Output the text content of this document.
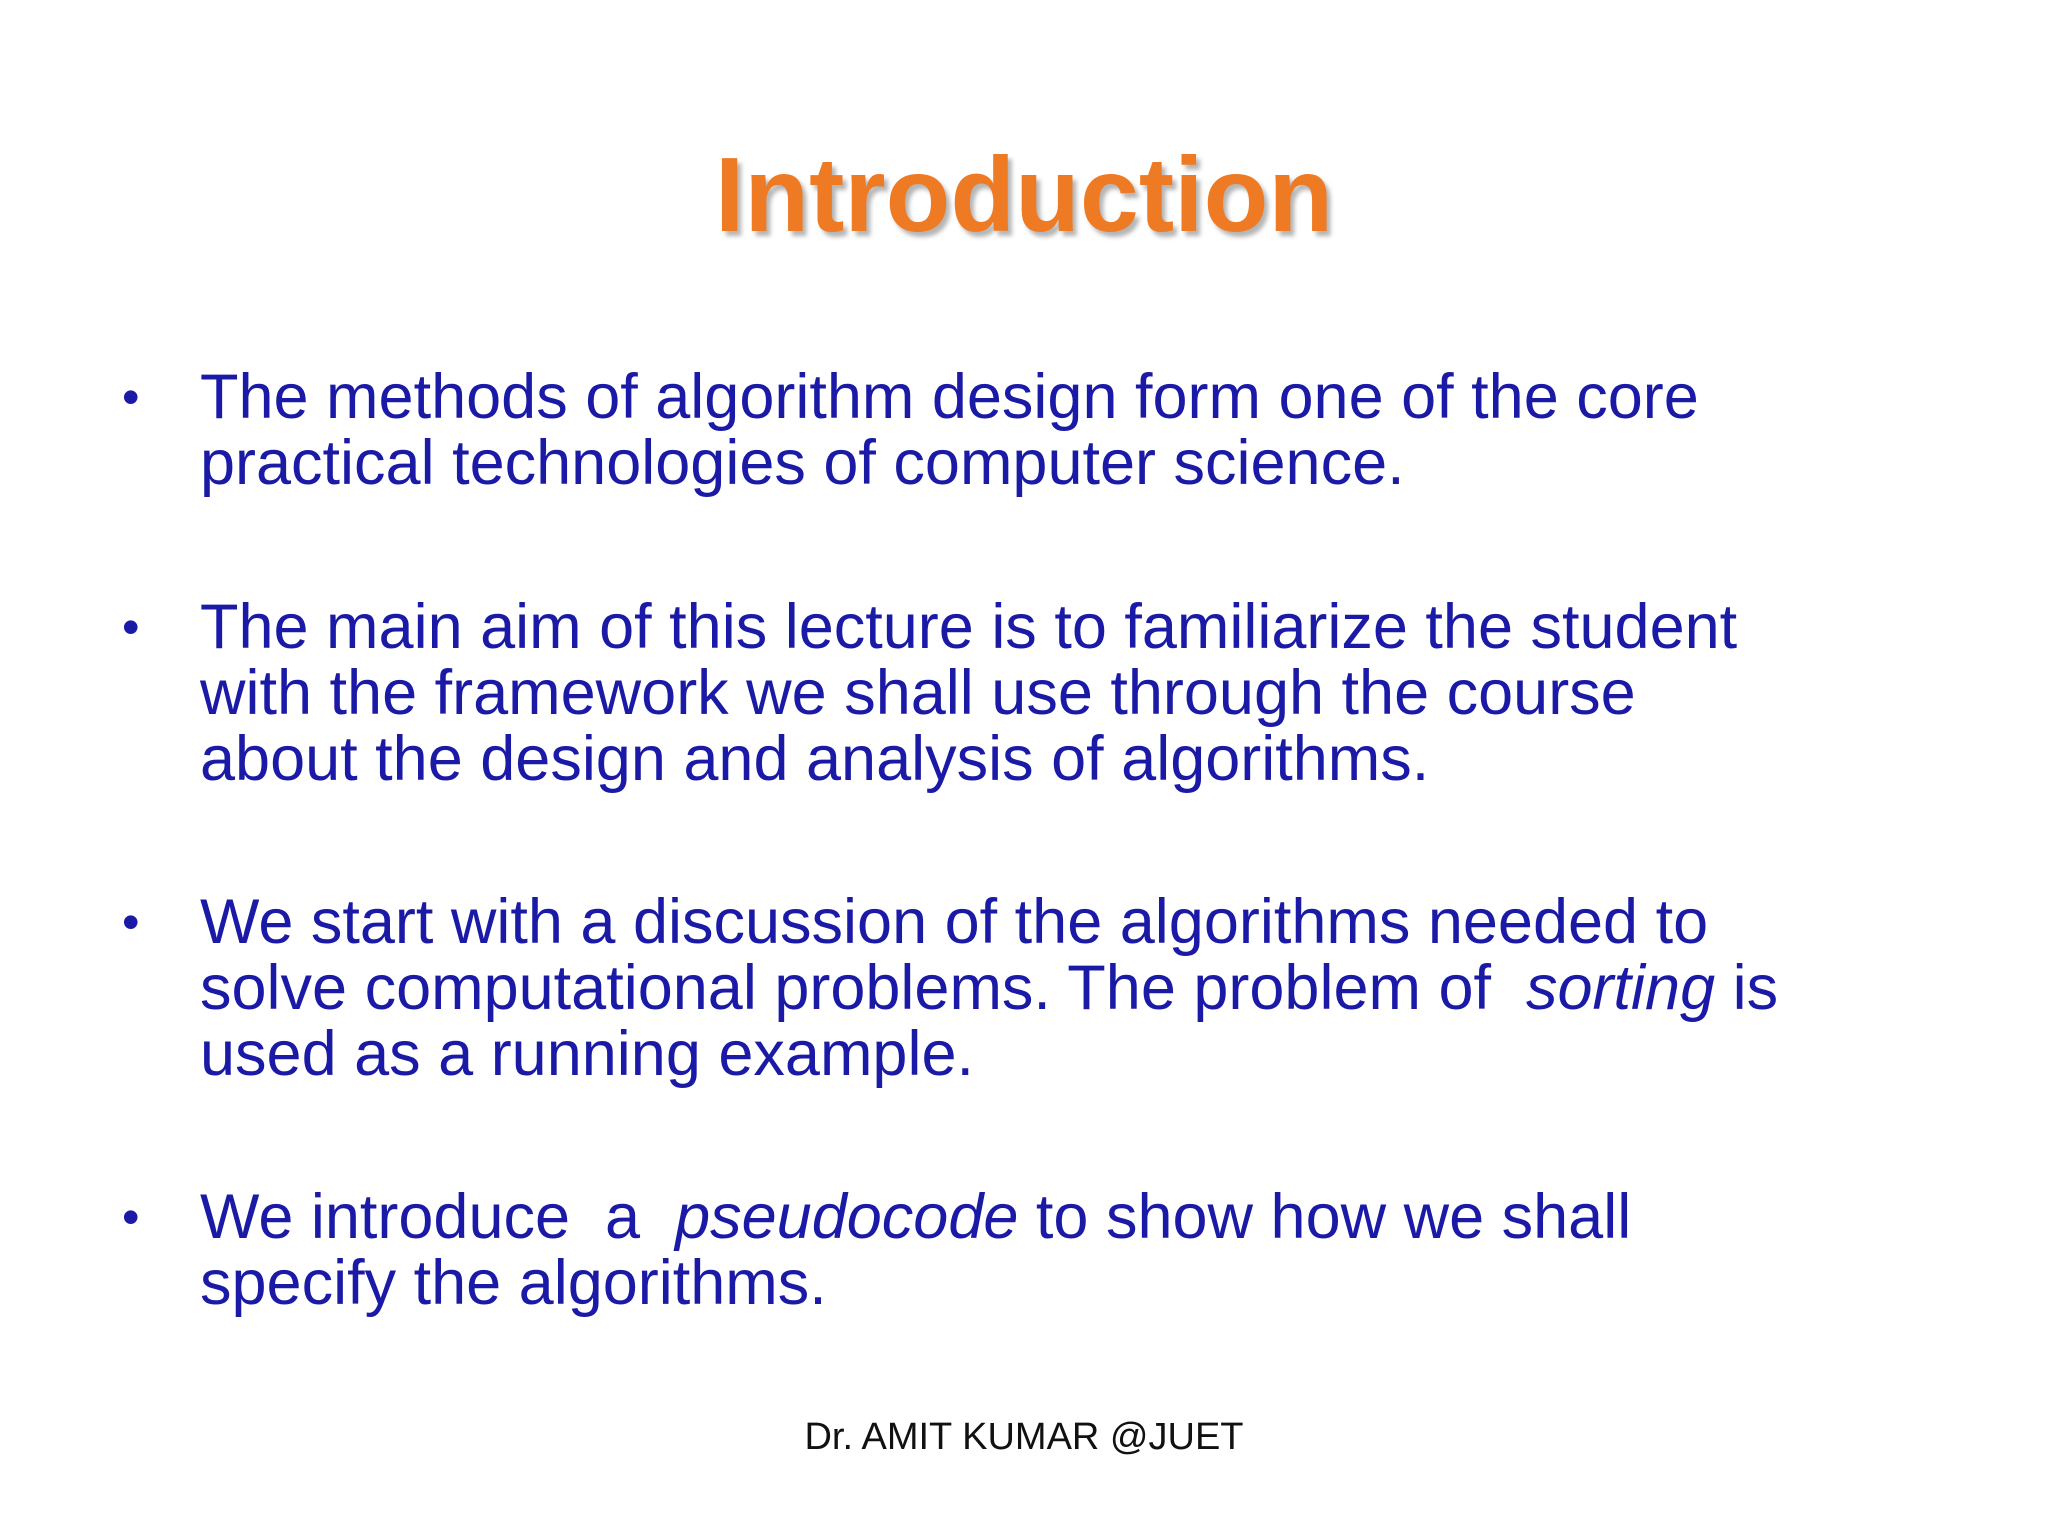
Introduction
• The methods of algorithm design form one of the core
practical technologies of computer science.
• The main aim of this lecture is to familiarize the student
with the framework we shall use through the course
about the design and analysis of algorithms.
• We start with a discussion of the algorithms needed to
solve computational problems. The problem of  sorting is
used as a running example.
• We introduce  a  pseudocode to show how we shall
specify the algorithms.
Dr. AMIT KUMAR @JUET
